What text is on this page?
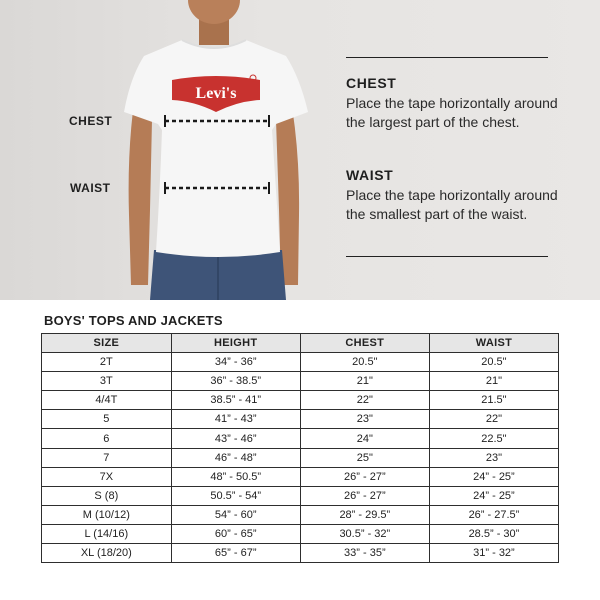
Levi's
CHEST
WAIST

CHEST

Place the tape horizontally around the largest part of the chest.

WAIST

Place the tape horizontally around the smallest part of the waist.

BOYS' TOPS AND JACKETS
SIZE	HEIGHT	CHEST	WAIST
2T	34” - 36”	20.5"	20.5"
3T	36” - 38.5”	21"	21"
4/4T	38.5” - 41”	22"	21.5"
5	41” - 43”	23"	22"
6	43” - 46”	24"	22.5"
7	46” - 48”	25"	23"
7X	48” - 50.5”	26” - 27”	24” - 25”
S (8)	50.5” - 54”	26” - 27”	24” - 25”
M (10/12)	54” - 60”	28” - 29.5”	26” - 27.5”
L (14/16)	60” - 65”	30.5” - 32”	28.5” - 30”
XL (18/20)	65” - 67”	33” - 35”	31” - 32”
